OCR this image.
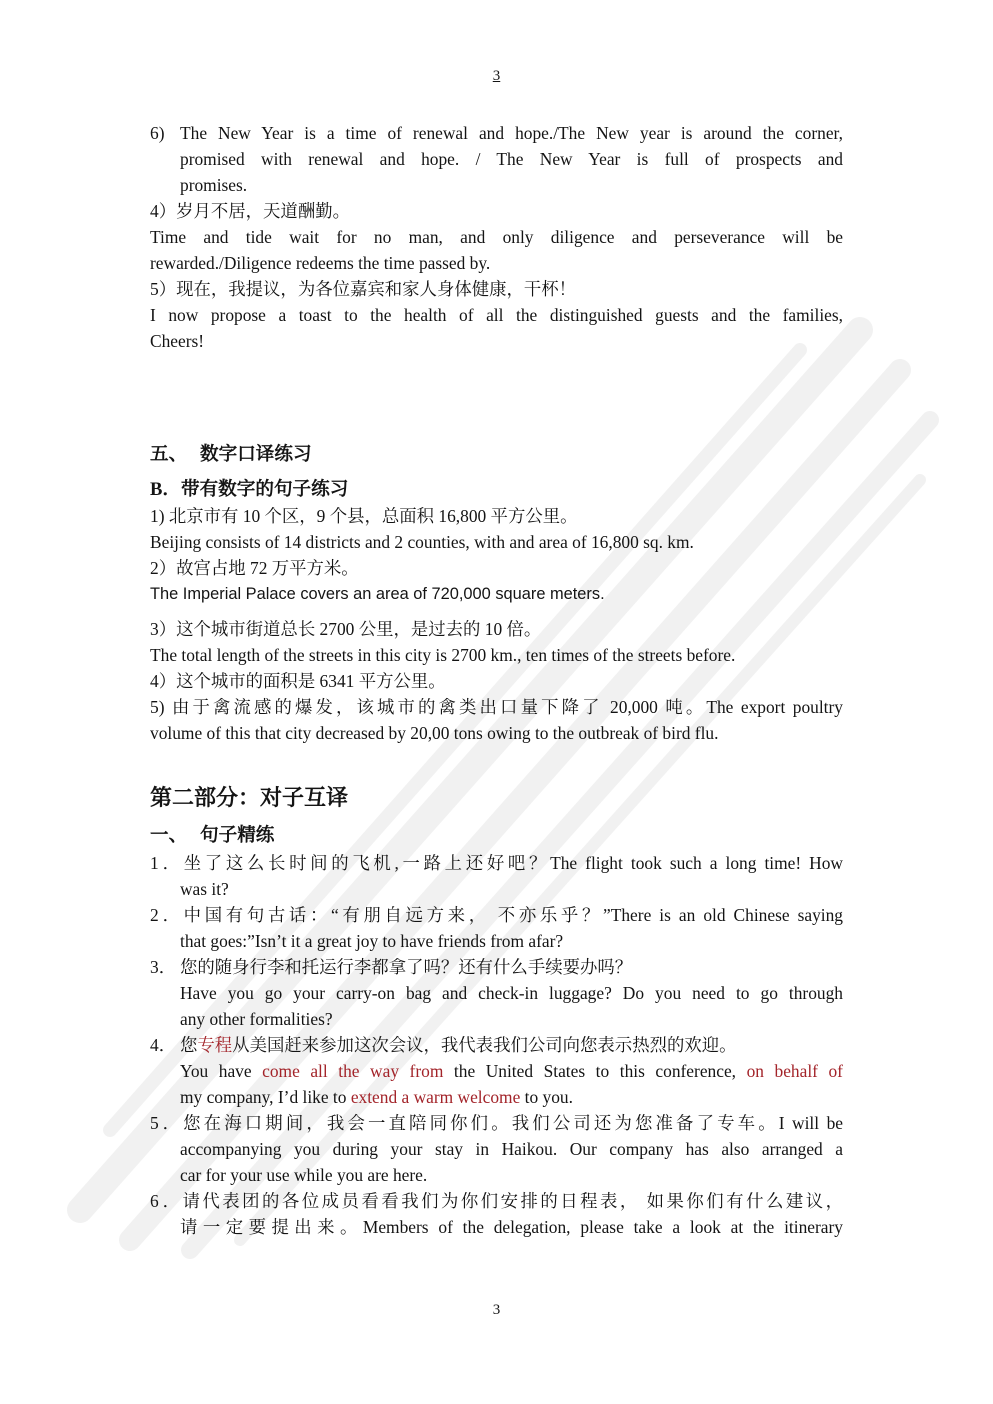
3
6) The New Year is a time of renewal and hope./The New year is around the corner,
promised with renewal and hope. / The New Year is full of prospects and
promises.
4）岁月不居，天道酬勤。
Time and tide wait for no man, and only diligence and perseverance will be
rewarded./Diligence redeems the time passed by.
5）现在，我提议，为各位嘉宾和家人身体健康，干杯！
I now propose a toast to the health of all the distinguished guests and the families,
Cheers!
五、 数字口译练习
B．带有数字的句子练习
1) 北京市有 10 个区，9 个县，总面积 16,800 平方公里。
Beijing consists of 14 districts and 2 counties, with and area of 16,800 sq. km.
2）故宫占地 72 万平方米。
The Imperial Palace covers an area of 720,000 square meters.
3）这个城市街道总长 2700 公里，是过去的 10 倍。
The total length of the streets in this city is 2700 km., ten times of the streets before.
4）这个城市的面积是 6341 平方公里。
5) 由于禽流感的爆发，该城市的禽类出口量下降了 20,000 吨。The export poultry
volume of this that city decreased by 20,00 tons owing to the outbreak of bird flu.
第二部分：对子互译
一、 句子精练
1．坐了这么长时间的飞机,一路上还好吧？The flight took such a long time! How
was it?
2．中国有句古话：“有朋自远方来， 不亦乐乎？”There is an old Chinese saying
that goes:”Isn’t it a great joy to have friends from afar?
3． 您的随身行李和托运行李都拿了吗？还有什么手续要办吗？
Have you go your carry-on bag and check-in luggage? Do you need to go through
any other formalities?
4． 您专程从美国赶来参加这次会议，我代表我们公司向您表示热烈的欢迎。
You have come all the way from the United States to this conference, on behalf of
my company, I’d like to extend a warm welcome to you.
5．您在海口期间，我会一直陪同你们。我们公司还为您准备了专车。I will be
accompanying you during your stay in Haikou. Our company has also arranged a
car for your use while you are here.
6．请代表团的各位成员看看我们为你们安排的日程表， 如果你们有什么建议，
请一定要提出来。Members of the delegation, please take a look at the itinerary
3
